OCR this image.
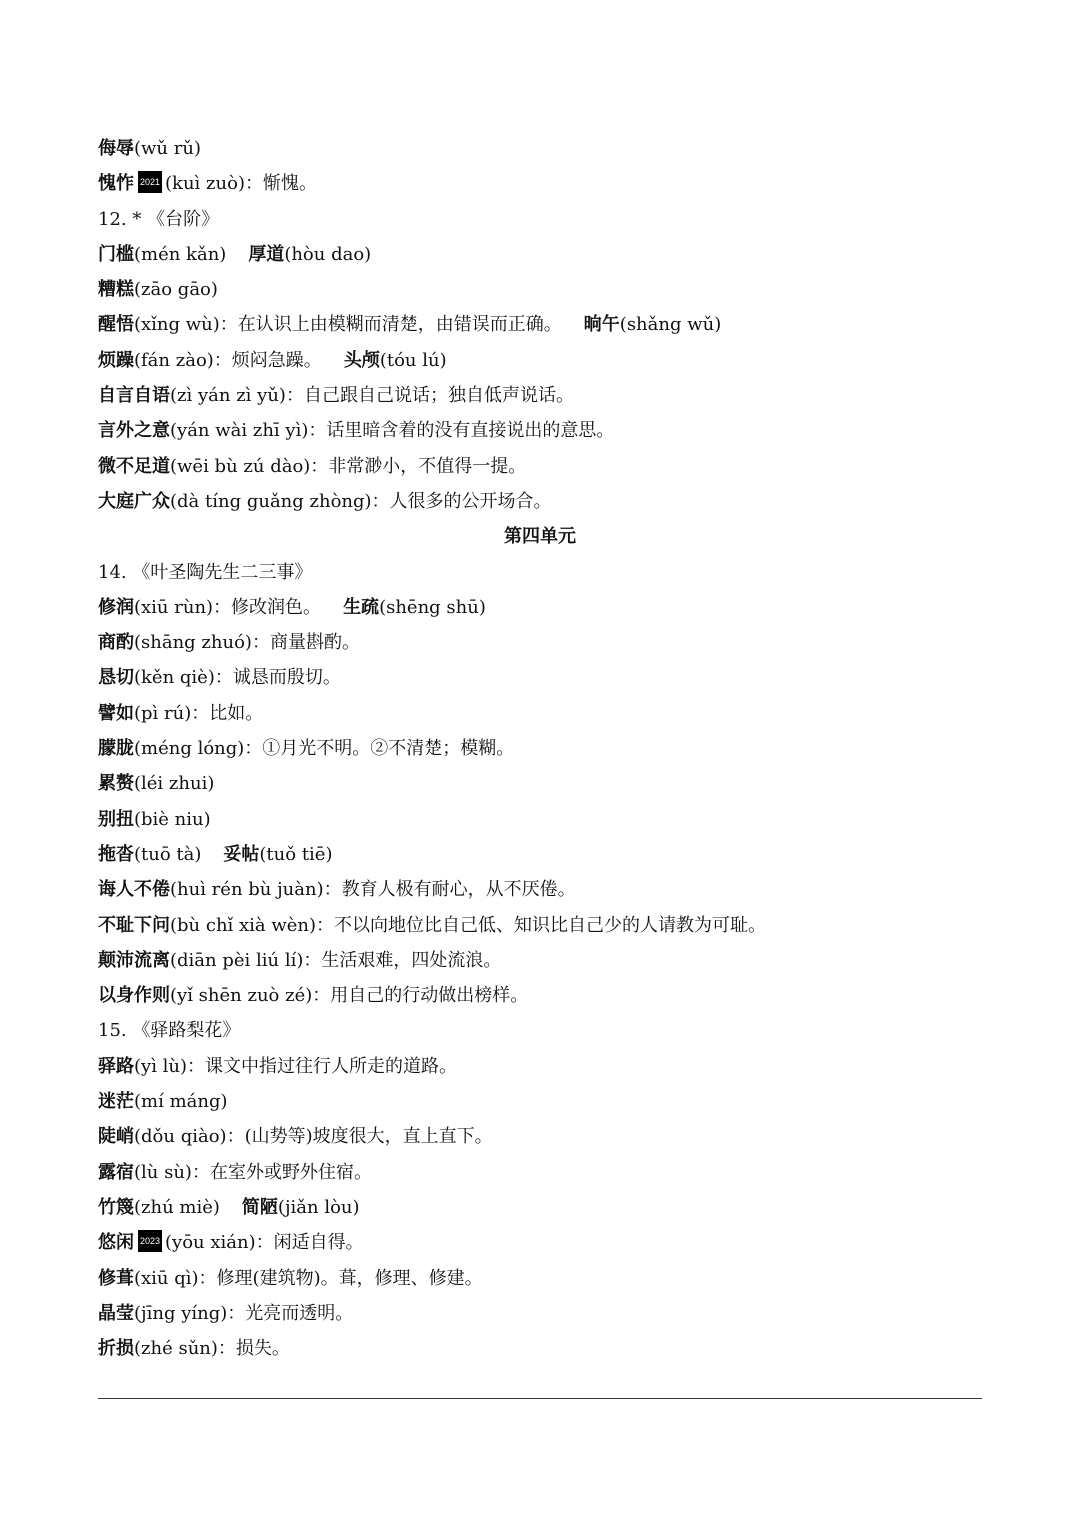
侮辱(wǔ rǔ)
愧怍 2021 (kuì zuò)：惭愧。
12. * 《台阶》
门槛(mén kǎn) 厚道(hòu dao)
糟糕(zāo gāo)
醒悟(xǐng wù)：在认识上由模糊而清楚，由错误而正确。 晌午(shǎng wǔ)
烦躁(fán zào)：烦闷急躁。 头颅(tóu lú)
自言自语(zì yán zì yǔ)：自己跟自己说话；独自低声说话。
言外之意(yán wài zhī yì)：话里暗含着的没有直接说出的意思。
微不足道(wēi bù zú dào)：非常渺小，不值得一提。
大庭广众(dà tíng guǎng zhòng)：人很多的公开场合。
第四单元
14. 《叶圣陶先生二三事》
修润(xiū rùn)：修改润色。 生疏(shēng shū)
商酌(shāng zhuó)：商量斟酌。
恳切(kěn qiè)：诚恳而殷切。
譬如(pì rú)：比如。
朦胧(méng lóng)：①月光不明。②不清楚；模糊。
累赘(léi zhui)
别扭(biè niu)
拖沓(tuō tà) 妥帖(tuǒ tiē)
诲人不倦(huì rén bù juàn)：教育人极有耐心，从不厌倦。
不耻下问(bù chǐ xià wèn)：不以向地位比自己低、知识比自己少的人请教为可耻。
颠沛流离(diān pèi liú lí)：生活艰难，四处流浪。
以身作则(yǐ shēn zuò zé)：用自己的行动做出榜样。
15. 《驿路梨花》
驿路(yì lù)：课文中指过往行人所走的道路。
迷茫(mí máng)
陡峭(dǒu qiào)：(山势等)坡度很大，直上直下。
露宿(lù sù)：在室外或野外住宿。
竹篾(zhú miè) 简陋(jiǎn lòu)
悠闲 2023 (yōu xián)：闲适自得。
修葺(xiū qì)：修理(建筑物)。葺，修理、修建。
晶莹(jīng yíng)：光亮而透明。
折损(zhé sǔn)：损失。
